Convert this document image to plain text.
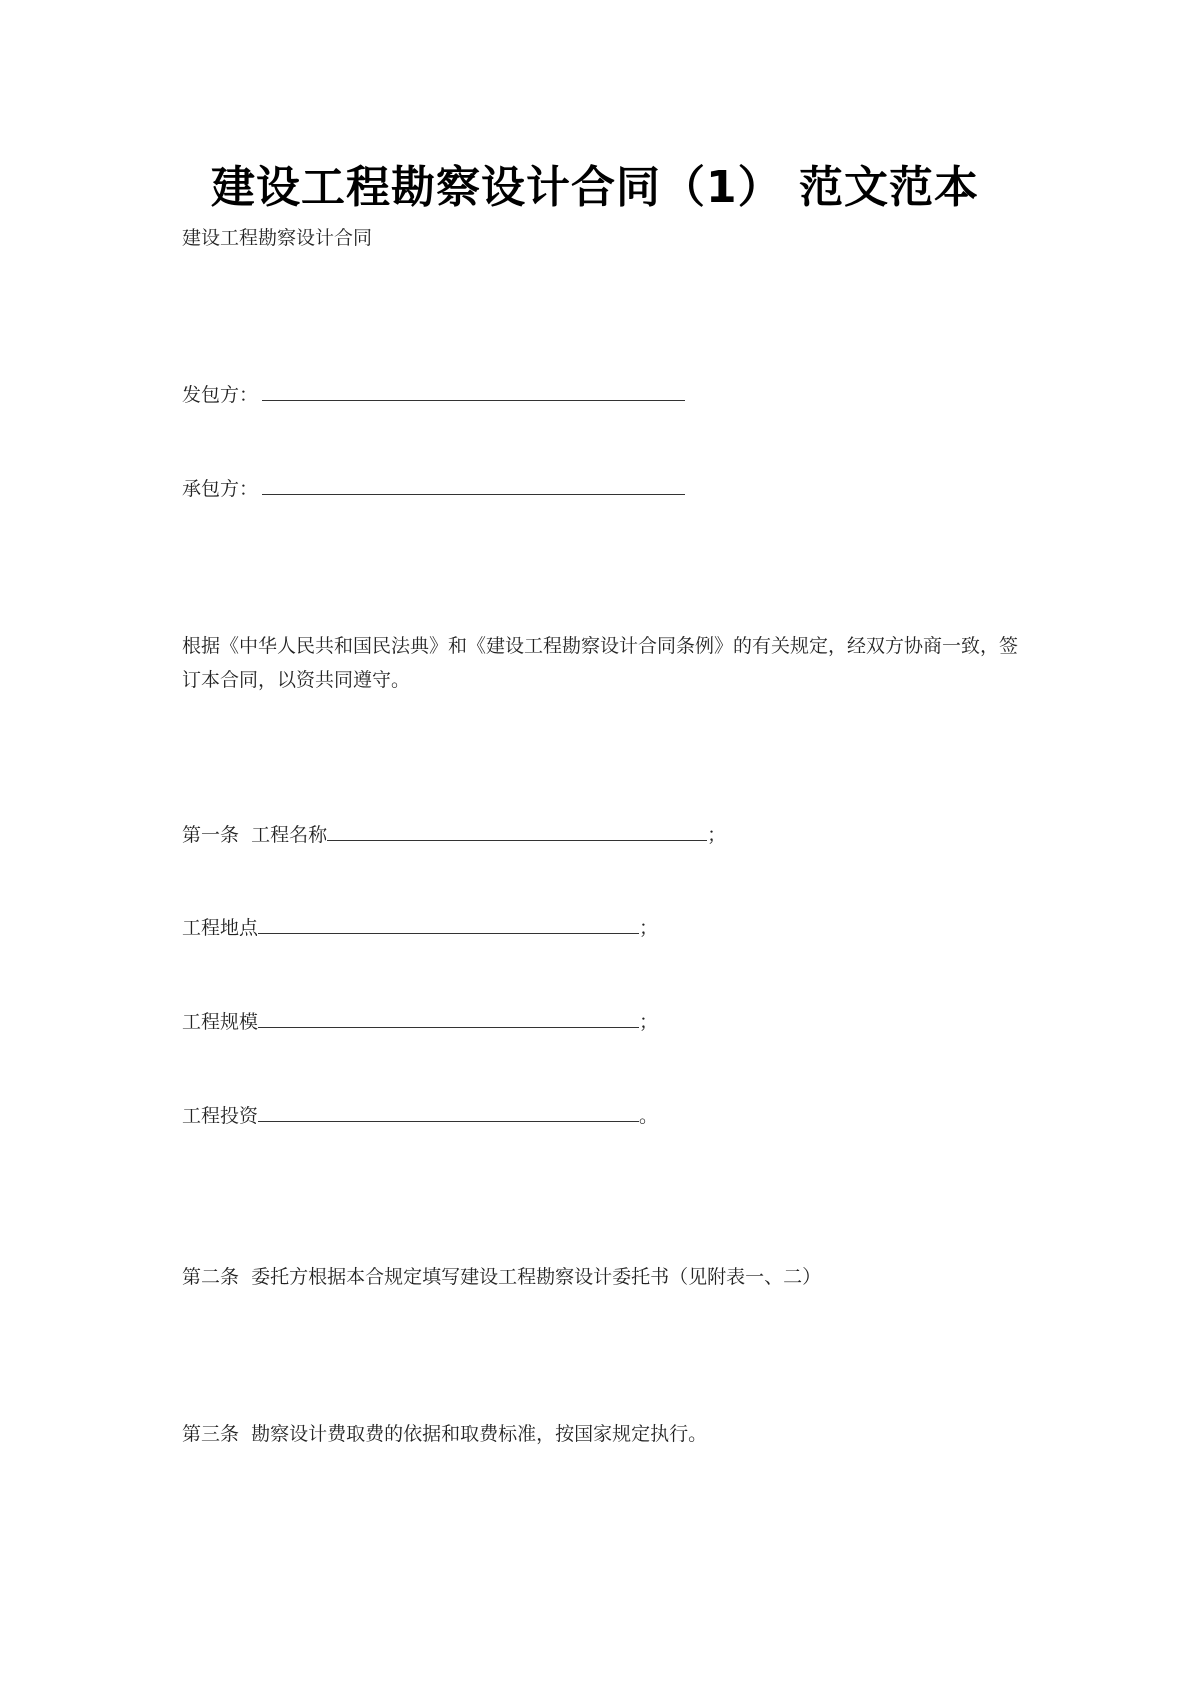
建设工程勘察设计合同（1） 范文范本
建设工程勘察设计合同
发包方：
承包方：
根据《中华人民共和国民法典》和《建设工程勘察设计合同条例》的有关规定，经双方协商一致，签订本合同，以资共同遵守。
第一条  工程名称	；
工程地点	；
工程规模	；
工程投资	。
第二条  委托方根据本合规定填写建设工程勘察设计委托书（见附表一、二）
第三条  勘察设计费取费的依据和取费标准，按国家规定执行。
